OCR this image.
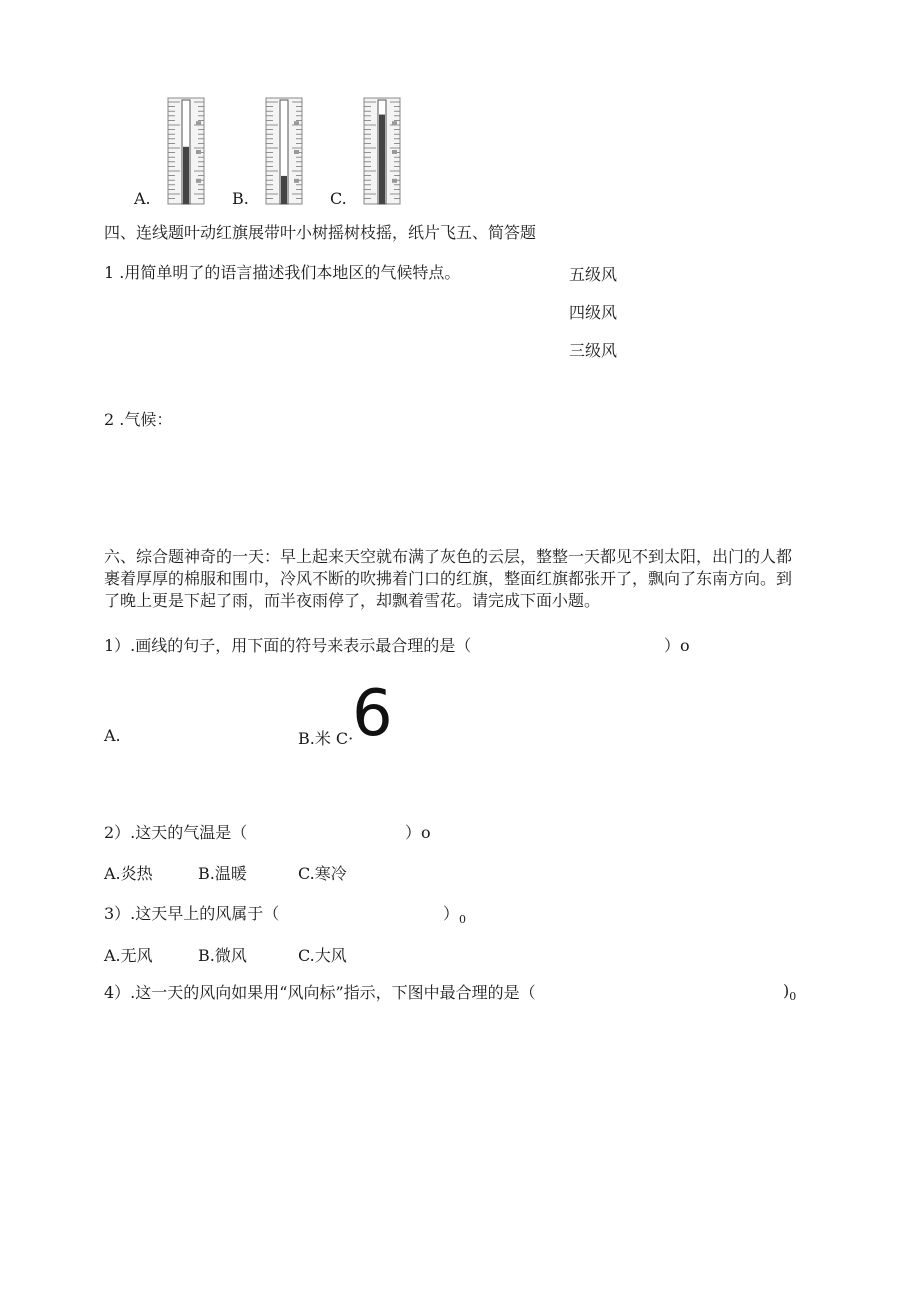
A.	B.	C.
四、连线题叶动红旗展带叶小树摇树枝摇，纸片飞五、简答题
1 .用简单明了的语言描述我们本地区的气候特点。	五级风
四级风
三级风
2 .气候：
六、综合题神奇的一天：早上起来天空就布满了灰色的云层，整整一天都见不到太阳，出门的人都裹着厚厚的棉服和围巾，冷风不断的吹拂着门口的红旗，整面红旗都张开了，飘向了东南方向。到了晚上更是下起了雨，而半夜雨停了，却飘着雪花。请完成下面小题。
1）.画线的句子，用下面的符号来表示最合理的是（	）o
A.	B.米 C·
6
2）.这天的气温是（	）o
A.炎热	B.温暖	C.寒冷
3）.这天早上的风属于（	）$_0$
A.无风	B.微风	C.大风
4）.这一天的风向如果用“风向标”指示，下图中最合理的是（	)$_0$
